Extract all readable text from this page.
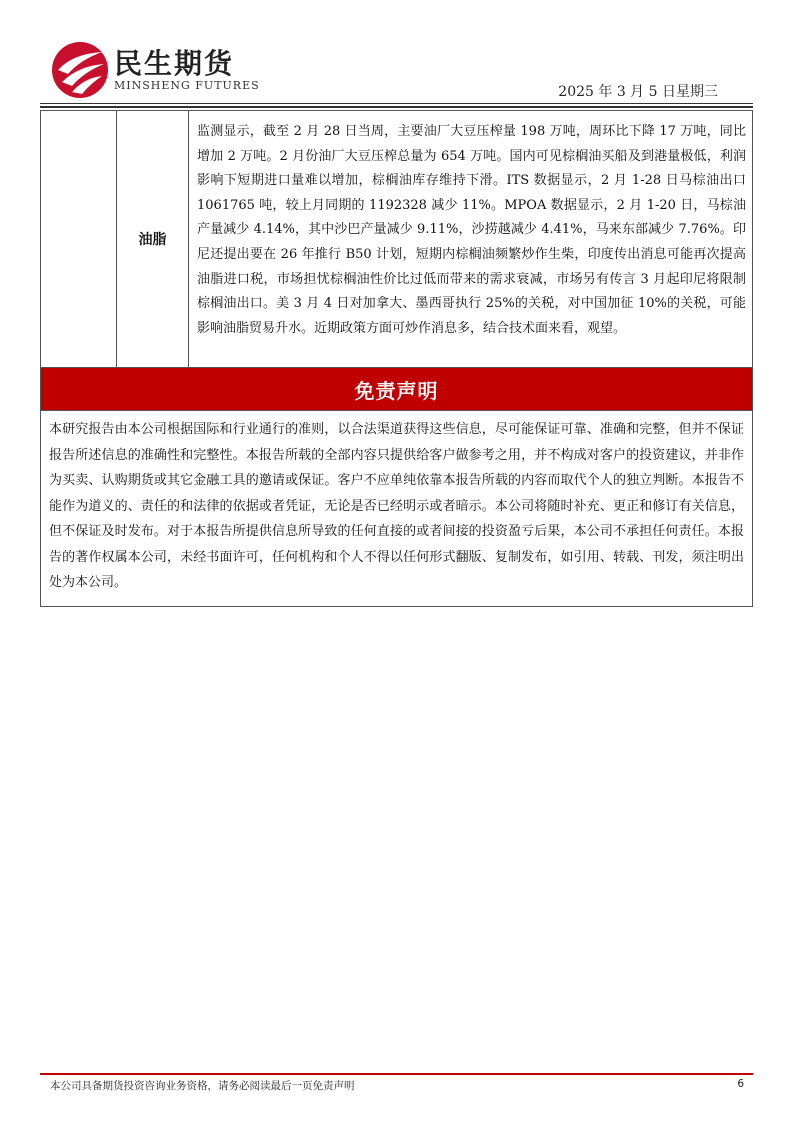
民生期货
MINSHENG FUTURES	2025 年 3 月 5 日星期三
油脂
监测显示，截至 2 月 28 日当周，主要油厂大豆压榨量 198 万吨，周环比下降 17 万吨，同比增加 2 万吨。2 月份油厂大豆压榨总量为 654 万吨。国内可见棕榈油买船及到港量极低，利润影响下短期进口量难以增加，棕榈油库存维持下滑。ITS 数据显示，2 月 1-28 日马棕油出口 1061765 吨，较上月同期的 1192328 减少 11%。MPOA 数据显示，2 月 1-20 日，马棕油产量减少 4.14%，其中沙巴产量减少 9.11%，沙捞越减少 4.41%，马来东部减少 7.76%。印尼还提出要在 26 年推行 B50 计划，短期内棕榈油频繁炒作生柴，印度传出消息可能再次提高油脂进口税，市场担忧棕榈油性价比过低而带来的需求衰减，市场另有传言 3 月起印尼将限制棕榈油出口。美 3 月 4 日对加拿大、墨西哥执行 25%的关税，对中国加征 10%的关税，可能影响油脂贸易升水。近期政策方面可炒作消息多，结合技术面来看，观望。
免责声明
本研究报告由本公司根据国际和行业通行的准则，以合法渠道获得这些信息，尽可能保证可靠、准确和完整，但并不保证报告所述信息的准确性和完整性。本报告所载的全部内容只提供给客户做参考之用，并不构成对客户的投资建议，并非作为买卖、认购期货或其它金融工具的邀请或保证。客户不应单纯依靠本报告所载的内容而取代个人的独立判断。本报告不能作为道义的、责任的和法律的依据或者凭证，无论是否已经明示或者暗示。本公司将随时补充、更正和修订有关信息，但不保证及时发布。对于本报告所提供信息所导致的任何直接的或者间接的投资盈亏后果，本公司不承担任何责任。本报告的著作权属本公司，未经书面许可，任何机构和个人不得以任何形式翻版、复制发布，如引用、转载、刊发，须注明出处为本公司。
本公司具备期货投资咨询业务资格，请务必阅读最后一页免责声明	6
